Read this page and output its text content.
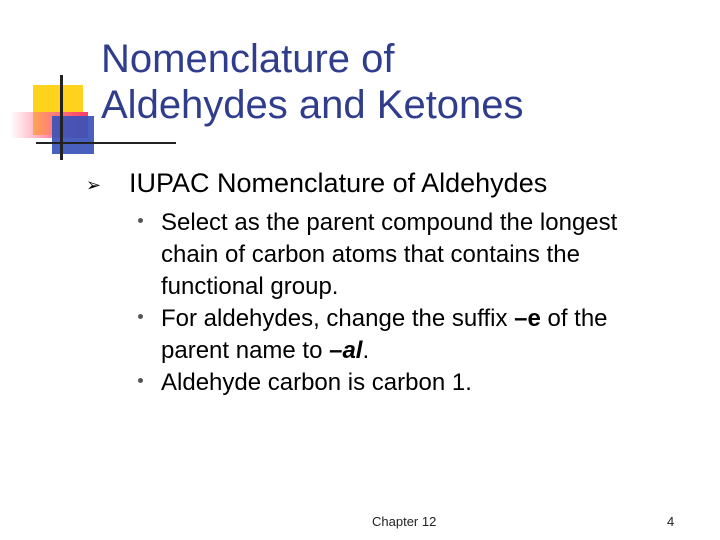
Nomenclature of
Aldehydes and Ketones
➢ IUPAC Nomenclature of Aldehydes
Select as the parent compound the longest
chain of carbon atoms that contains the
functional group.
For aldehydes, change the suffix –e of the
parent name to –al.
Aldehyde carbon is carbon 1.
Chapter 12	4
